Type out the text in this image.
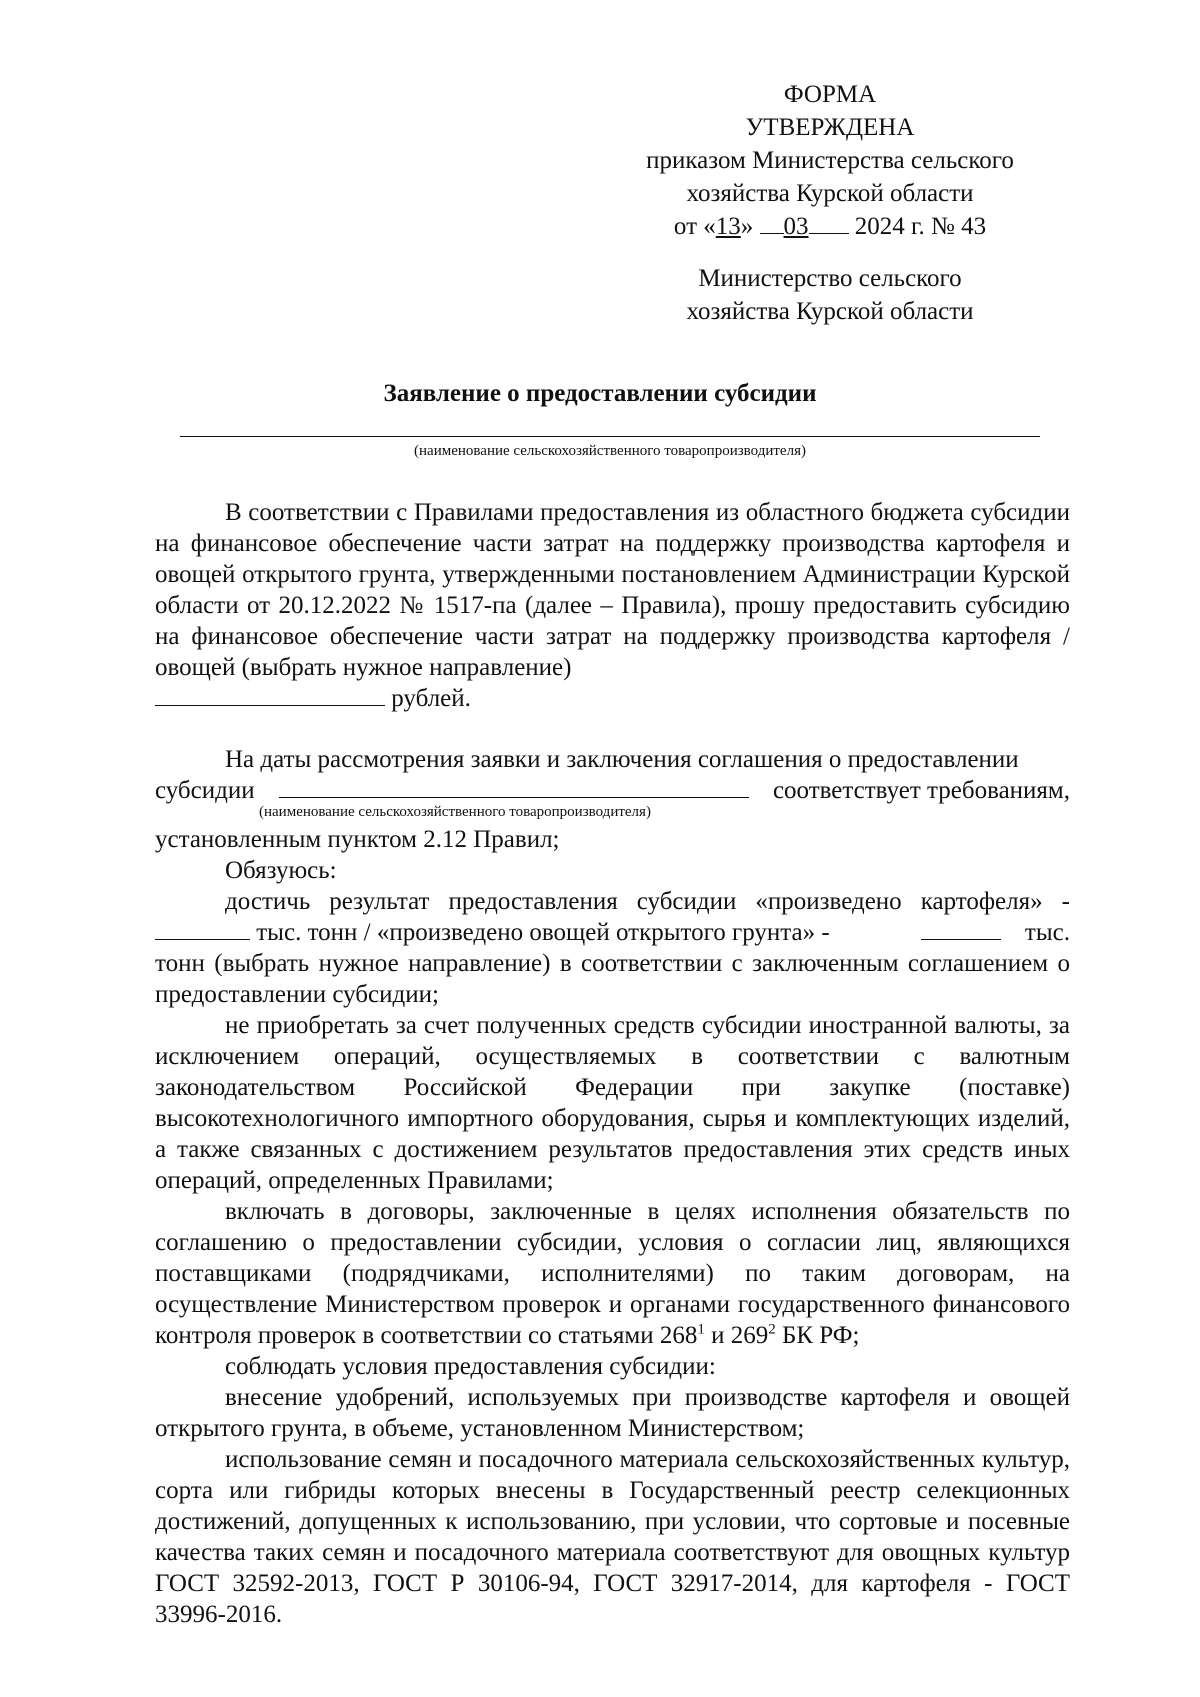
ФОРМА
УТВЕРЖДЕНА
приказом Министерства сельского
хозяйства Курской области
от «13» 03 2024 г. № 43
Министерство сельского
хозяйства Курской области
Заявление о предоставлении субсидии
(наименование сельскохозяйственного товаропроизводителя)
В соответствии с Правилами предоставления из областного бюджета субсидии на финансовое обеспечение части затрат на поддержку производства картофеля и овощей открытого грунта, утвержденными постановлением Администрации Курской области от 20.12.2022 № 1517-па (далее – Правила), прошу предоставить субсидию на финансовое обеспечение части затрат на поддержку производства картофеля / овощей (выбрать нужное направление)
рублей.
На даты рассмотрения заявки и заключения соглашения о предоставлении
субсидии	соответствует требованиям,
(наименование сельскохозяйственного товаропроизводителя)
установленным пунктом 2.12 Правил;
Обязуюсь:
достичь результат предоставления субсидии «произведено картофеля» -
тыс. тонн / «произведено овощей открытого грунта» -	тыс.
тонн (выбрать нужное направление) в соответствии с заключенным соглашением о предоставлении субсидии;
не приобретать за счет полученных средств субсидии иностранной валюты, за исключением операций, осуществляемых в соответствии с валютным законодательством Российской Федерации при закупке (поставке) высокотехнологичного импортного оборудования, сырья и комплектующих изделий, а также связанных с достижением результатов предоставления этих средств иных операций, определенных Правилами;
включать в договоры, заключенные в целях исполнения обязательств по соглашению о предоставлении субсидии, условия о согласии лиц, являющихся поставщиками (подрядчиками, исполнителями) по таким договорам, на осуществление Министерством проверок и органами государственного финансового контроля проверок в соответствии со статьями $268^1$ и $269^2$ БК РФ;
соблюдать условия предоставления субсидии:
внесение удобрений, используемых при производстве картофеля и овощей открытого грунта, в объеме, установленном Министерством;
использование семян и посадочного материала сельскохозяйственных культур, сорта или гибриды которых внесены в Государственный реестр селекционных достижений, допущенных к использованию, при условии, что сортовые и посевные качества таких семян и посадочного материала соответствуют для овощных культур ГОСТ 32592-2013, ГОСТ Р 30106-94, ГОСТ 32917-2014, для картофеля - ГОСТ 33996-2016.
